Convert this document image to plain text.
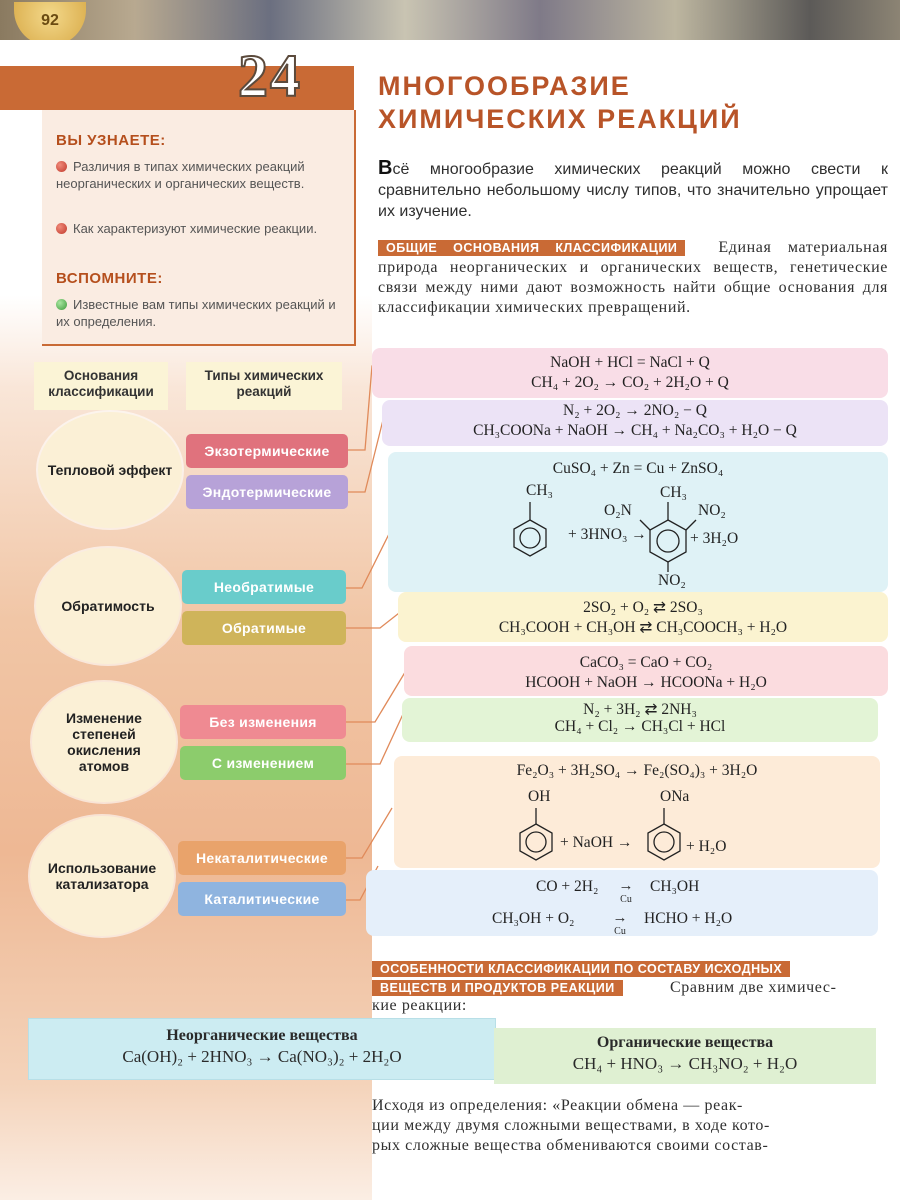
92
24
ВЫ УЗНАЕТЕ:
Различия в типах химических реакций неорганических и органических веществ.
Как характеризуют химические реакции.
ВСПОМНИТЕ:
Известные вам типы химических реакций и их определения.
МНОГООБРАЗИЕ
ХИМИЧЕСКИХ РЕАКЦИЙ
Всё многообразие химических реакций можно свести к сравнительно небольшому числу типов, что значительно упрощает их изучение.
ОБЩИЕ ОСНОВАНИЯ КЛАССИФИКАЦИИ	Единая материальная природа неорганических и органических веществ, генетические связи между ними дают возможность найти общие основания для классификации химических превращений.
Основания классификации
Типы химических реакций
Тепловой эффект
Обратимость
Изменение степеней окисления атомов
Использование катализатора
Экзотермические
Эндотермические
Необратимые
Обратимые
Без изменения
С изменением
Некаталитические
Каталитические
NaOH + HCl = NaCl + Q
CH₄ + 2O₂ → CO₂ + 2H₂O + Q
N₂ + 2O₂ → 2NO₂ − Q
CH₃COONa + NaOH → CH₄ + Na₂CO₃ + H₂O − Q
CuSO₄ + Zn = Cu + ZnSO₄
CH₃
+ 3HNO₃ →
O₂N
CH₃
NO₂
NO₂
+ 3H₂O
2SO₂ + O₂ ⇄ 2SO₃
CH₃COOH + CH₃OH ⇄ CH₃COOCH₃ + H₂O
CaCO₃ = CaO + CO₂
HCOOH + NaOH → HCOONa + H₂O
N₂ + 3H₂ ⇄ 2NH₃
CH₄ + Cl₂ → CH₃Cl + HCl
Fe₂O₃ + 3H₂SO₄ → Fe₂(SO₄)₃ + 3H₂O
OH
+ NaOH →
ONa
+ H₂O
CO + 2H₂	→
Cu
CH₃OH
CH₃OH + O₂	→
Cu
HCHO + H₂O
ОСОБЕННОСТИ КЛАССИФИКАЦИИ ПО СОСТАВУ ИСХОДНЫХ
ВЕЩЕСТВ И ПРОДУКТОВ РЕАКЦИИ	Сравним две химичес-
кие реакции:
Неорганические вещества
Ca(OH)₂ + 2HNO₃ → Ca(NO₃)₂ + 2H₂O
Органические вещества
CH₄ + HNO₃ → CH₃NO₂ + H₂O
Исходя из определения: «Реакции обмена — реак-
ции между двумя сложными веществами, в ходе кото-
рых сложные вещества обмениваются своими состав-
